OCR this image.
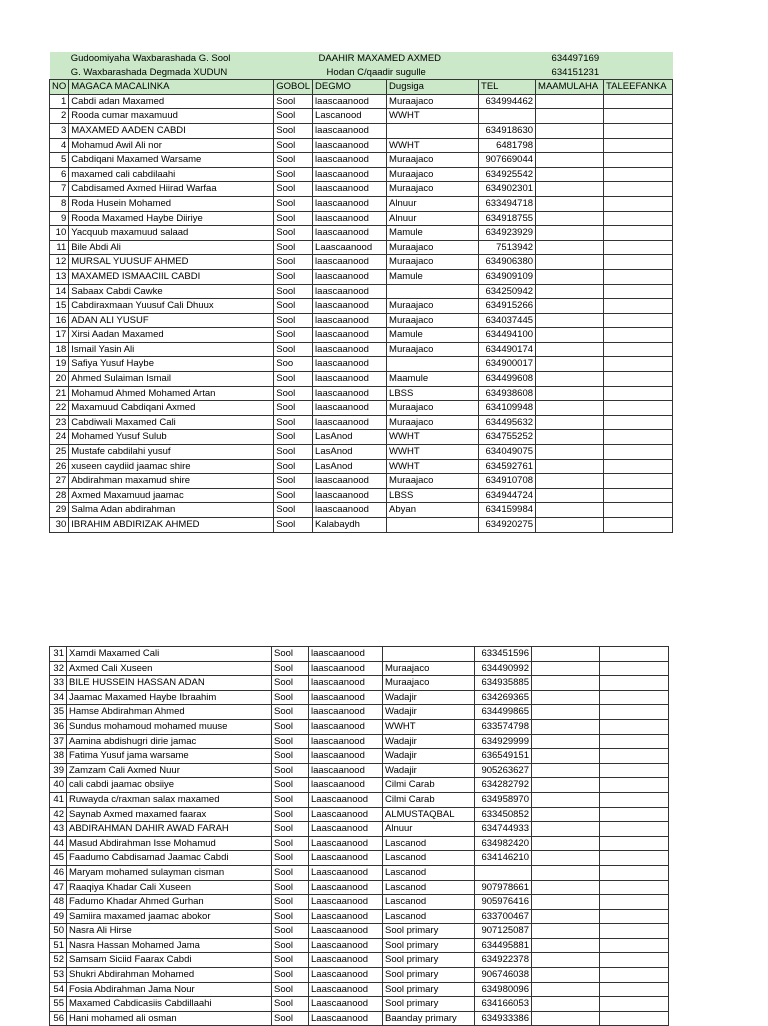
	Gudoomiyaha Waxbarashada G. Sool		DAAHIR MAXAMED AXMED			634497169	
	G. Waxbarashada Degmada XUDUN		Hodan C/qaadir sugulle			634151231	
NO	MAGACA MACALINKA	GOBOL	DEGMO	Dugsiga	TEL	MAAMULAHA	TALEEFANKA
1	Cabdi adan Maxamed	Sool	laascaanood	Muraajaco	634994462		
2	Rooda cumar maxamuud	Sool	Lascanood	WWHT			
3	MAXAMED AADEN CABDI	Sool	laascaanood		634918630		
4	Mohamud Awil Ali nor	Sool	laascaanood	WWHT	6481798		
5	Cabdiqani Maxamed Warsame	Sool	laascaanood	Muraajaco	907669044		
6	maxamed cali cabdilaahi	Sool	laascaanood	Muraajaco	634925542		
7	Cabdisamed Axmed Hiirad Warfaa	Sool	laascaanood	Muraajaco	634902301		
8	Roda Husein Mohamed	Sool	laascaanood	Alnuur	633494718		
9	Rooda Maxamed Haybe Diiriye	Sool	laascaanood	Alnuur	634918755		
10	Yacquub maxamuud salaad	Sool	laascaanood	Mamule	634923929		
11	Bile Abdi Ali	Sool	Laascaanood	Muraajaco	7513942		
12	MURSAL YUUSUF AHMED	Sool	laascaanood	Muraajaco	634906380		
13	MAXAMED ISMAACIIL CABDI	Sool	laascaanood	Mamule	634909109		
14	Sabaax Cabdi Cawke	Sool	laascaanood		634250942		
15	Cabdiraxmaan Yuusuf Cali Dhuux	Sool	laascaanood	Muraajaco	634915266		
16	ADAN ALI YUSUF	Sool	laascaanood	Muraajaco	634037445		
17	Xirsi Aadan Maxamed	Sool	laascaanood	Mamule	634494100		
18	Ismail Yasin Ali	Sool	laascaanood	Muraajaco	634490174		
19	Safiya Yusuf Haybe	Soo	laascaanood		634900017		
20	Ahmed Sulaiman Ismail	Sool	laascaanood	Maamule	634499608		
21	Mohamud Ahmed Mohamed Artan	Sool	laascaanood	LBSS	634938608		
22	Maxamuud Cabdiqani Axmed	Sool	laascaanood	Muraajaco	634109948		
23	Cabdiwali Maxamed Cali	Sool	laascaanood	Muraajaco	634495632		
24	Mohamed Yusuf Sulub	Sool	LasAnod	WWHT	634755252		
25	Mustafe cabdilahi yusuf	Sool	LasAnod	WWHT	634049075		
26	xuseen caydiid jaamac shire	Sool	LasAnod	WWHT	634592761		
27	Abdirahman maxamud shire	Sool	laascaanood	Muraajaco	634910708		
28	Axmed Maxamuud jaamac	Sool	laascaanood	LBSS	634944724		
29	Salma Adan abdirahman	Sool	laascaanood	Abyan	634159984		
30	IBRAHIM ABDIRIZAK AHMED	Sool	Kalabaydh		634920275		
31	Xamdi Maxamed Cali	Sool	laascaanood		633451596		
32	Axmed Cali Xuseen	Sool	laascaanood	Muraajaco	634490992		
33	BILE HUSSEIN HASSAN ADAN	Sool	laascaanood	Muraajaco	634935885		
34	Jaamac Maxamed Haybe Ibraahim	Sool	laascaanood	Wadajir	634269365		
35	Hamse Abdirahman Ahmed	Sool	laascaanood	Wadajir	634499865		
36	Sundus mohamoud mohamed muuse	Sool	laascaanood	WWHT	633574798		
37	Aamina abdishugri dirie jamac	Sool	laascaanood	Wadajir	634929999		
38	Fatima Yusuf jama warsame	Sool	laascaanood	Wadajir	636549151		
39	Zamzam Cali Axmed Nuur	Sool	laascaanood	Wadajir	905263627		
40	cali cabdi jaamac obsiiye	Sool	laascaanood	Cilmi Carab	634282792		
41	Ruwayda c/raxman salax maxamed	Sool	Laascaanood	Cilmi Carab	634958970		
42	Saynab Axmed maxamed faarax	Sool	Laascaanood	ALMUSTAQBAL	633450852		
43	ABDIRAHMAN DAHIR AWAD FARAH	Sool	Laascaanood	Alnuur	634744933		
44	Masud Abdirahman Isse Mohamud	Sool	Laascaanood	Lascanod	634982420		
45	Faadumo Cabdisamad Jaamac Cabdi	Sool	Laascaanood	Lascanod	634146210		
46	Maryam mohamed sulayman cisman	Sool	Laascaanood	Lascanod			
47	Raaqiya Khadar Cali Xuseen	Sool	Laascaanood	Lascanod	907978661		
48	Fadumo Khadar Ahmed Gurhan	Sool	Laascaanood	Lascanod	905976416		
49	Samiira maxamed jaamac abokor	Sool	Laascaanood	Lascanod	633700467		
50	Nasra Ali Hirse	Sool	Laascaanood	Sool primary	907125087		
51	Nasra Hassan Mohamed Jama	Sool	Laascaanood	Sool primary	634495881		
52	Samsam Siciid Faarax Cabdi	Sool	Laascaanood	Sool primary	634922378		
53	Shukri Abdirahman Mohamed	Sool	Laascaanood	Sool primary	906746038		
54	Fosia Abdirahman Jama Nour	Sool	Laascaanood	Sool primary	634980096		
55	Maxamed Cabdicasiis Cabdillaahi	Sool	Laascaanood	Sool primary	634166053		
56	Hani mohamed ali osman	Sool	Laascaanood	Baanday primary	634933386		
